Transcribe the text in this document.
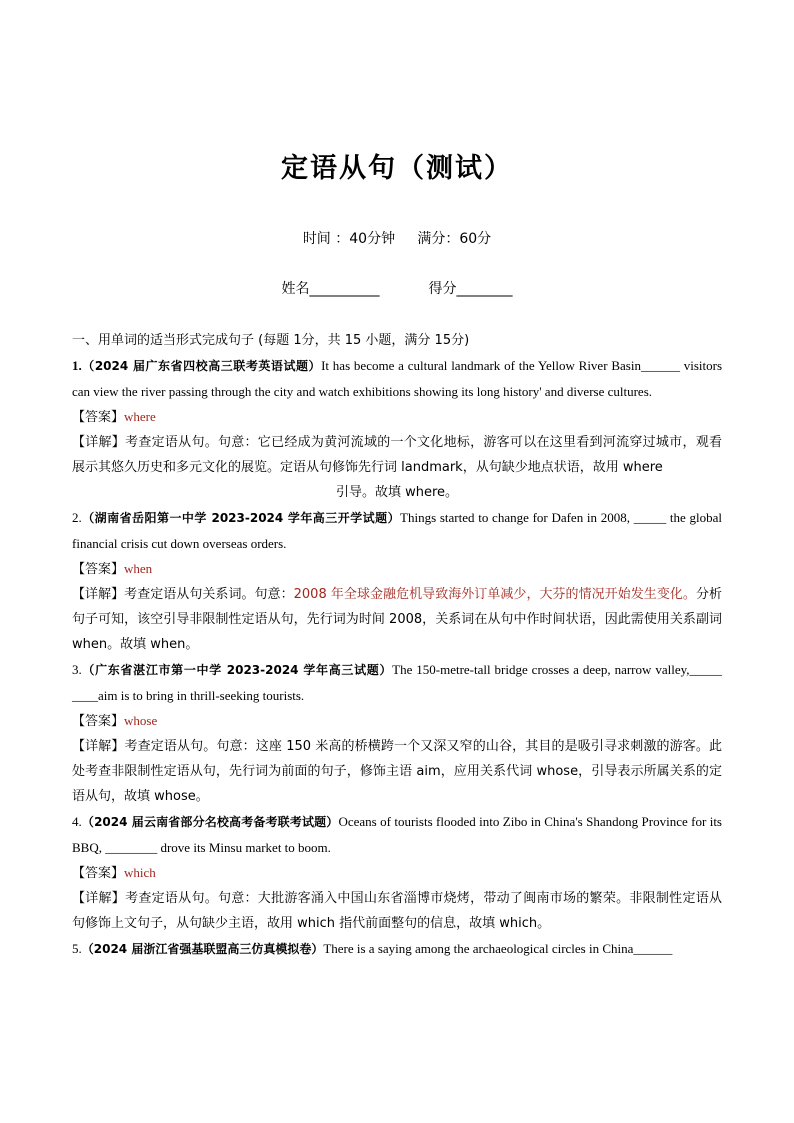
定语从句（测试）
时间 ：40分钟 满分：60分
姓名__________	得分________

一、用单词的适当形式完成句子 (每题 1分，共 15 小题，满分 15分)

1.（2024 届广东省四校高三联考英语试题）It has become a cultural landmark of the Yellow River Basin______ visitors can view the river passing through the city and watch exhibitions showing its long history' and diverse cultures.

【答案】where

【详解】考查定语从句。句意：它已经成为黄河流域的一个文化地标，游客可以在这里看到河流穿过城市，观看展示其悠久历史和多元文化的展览。定语从句修饰先行词 landmark，从句缺少地点状语，故用 where

引导。故填 where。

2.（湖南省岳阳第一中学 2023-2024 学年高三开学试题）Things started to change for Dafen in 2008, _____ the global financial crisis cut down overseas orders.

【答案】when

【详解】考查定语从句关系词。句意：2008 年全球金融危机导致海外订单减少，大芬的情况开始发生变化。分析句子可知，该空引导非限制性定语从句，先行词为时间 2008，关系词在从句中作时间状语，因此需使用关系副词 when。故填 when。

3.（广东省湛江市第一中学 2023-2024 学年高三试题）The 150-metre-tall bridge crosses a deep, narrow valley,_____ ____aim is to bring in thrill-seeking tourists.

【答案】whose

【详解】考查定语从句。句意：这座 150 米高的桥横跨一个又深又窄的山谷，其目的是吸引寻求刺激的游客。此处考查非限制性定语从句，先行词为前面的句子，修饰主语 aim，应用关系代词 whose，引导表示所属关系的定语从句，故填 whose。

4.（2024 届云南省部分名校高考备考联考试题）Oceans of tourists flooded into Zibo in China's Shandong Province for its BBQ, ________ drove its Minsu market to boom.

【答案】which

【详解】考查定语从句。句意：大批游客涌入中国山东省淄博市烧烤，带动了闽南市场的繁荣。非限制性定语从句修饰上文句子，从句缺少主语，故用 which 指代前面整句的信息，故填 which。

5.（2024 届浙江省强基联盟高三仿真模拟卷）There is a saying among the archaeological circles in China______
